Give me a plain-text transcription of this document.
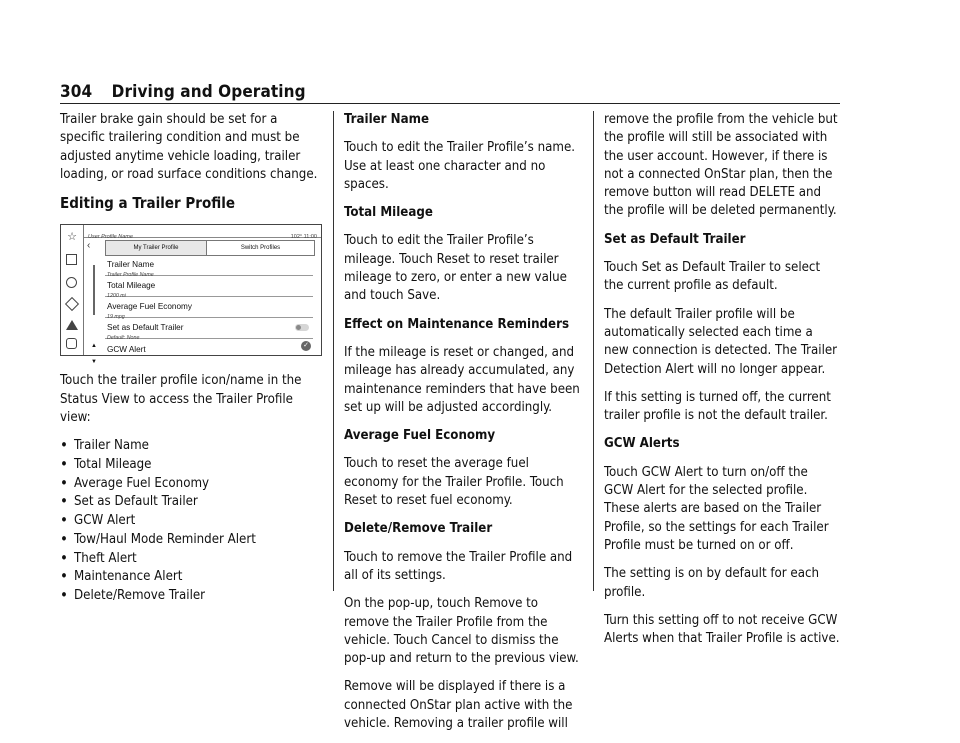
304 Driving and Operating

Trailer brake gain should be set for a specific trailering condition and must be adjusted anytime vehicle loading, trailer loading, or road surface conditions change.

Editing a Trailer Profile
☆ User Profile Name	102° 11:00
‹	My Trailer Profile	Switch Profiles
▲
▼
Trailer Name
Trailer Profile Name
Total Mileage
1200 mi
Average Fuel Economy
19 mpg
Set as Default Trailer
Default: None
GCW Alert	✓

Touch the trailer profile icon/name in the Status View to access the Trailer Profile view:

• Trailer Name
• Total Mileage
• Average Fuel Economy
• Set as Default Trailer
• GCW Alert
• Tow/Haul Mode Reminder Alert
• Theft Alert
• Maintenance Alert
• Delete/Remove Trailer
Trailer Name

Touch to edit the Trailer Profile’s name. Use at least one character and no spaces.

Total Mileage

Touch to edit the Trailer Profile’s mileage. Touch Reset to reset trailer mileage to zero, or enter a new value and touch Save.

Effect on Maintenance Reminders

If the mileage is reset or changed, and mileage has already accumulated, any maintenance reminders that have been set up will be adjusted accordingly.

Average Fuel Economy

Touch to reset the average fuel economy for the Trailer Profile. Touch Reset to reset fuel economy.

Delete/Remove Trailer

Touch to remove the Trailer Profile and all of its settings.

On the pop-up, touch Remove to remove the Trailer Profile from the vehicle. Touch Cancel to dismiss the pop-up and return to the previous view.

Remove will be displayed if there is a connected OnStar plan active with the vehicle. Removing a trailer profile will

remove the profile from the vehicle but the profile will still be associated with the user account. However, if there is not a connected OnStar plan, then the remove button will read DELETE and the profile will be deleted permanently.

Set as Default Trailer

Touch Set as Default Trailer to select the current profile as default.

The default Trailer profile will be automatically selected each time a new connection is detected. The Trailer Detection Alert will no longer appear.

If this setting is turned off, the current trailer profile is not the default trailer.

GCW Alerts

Touch GCW Alert to turn on/off the GCW Alert for the selected profile. These alerts are based on the Trailer Profile, so the settings for each Trailer Profile must be turned on or off.

The setting is on by default for each profile.

Turn this setting off to not receive GCW Alerts when that Trailer Profile is active.
